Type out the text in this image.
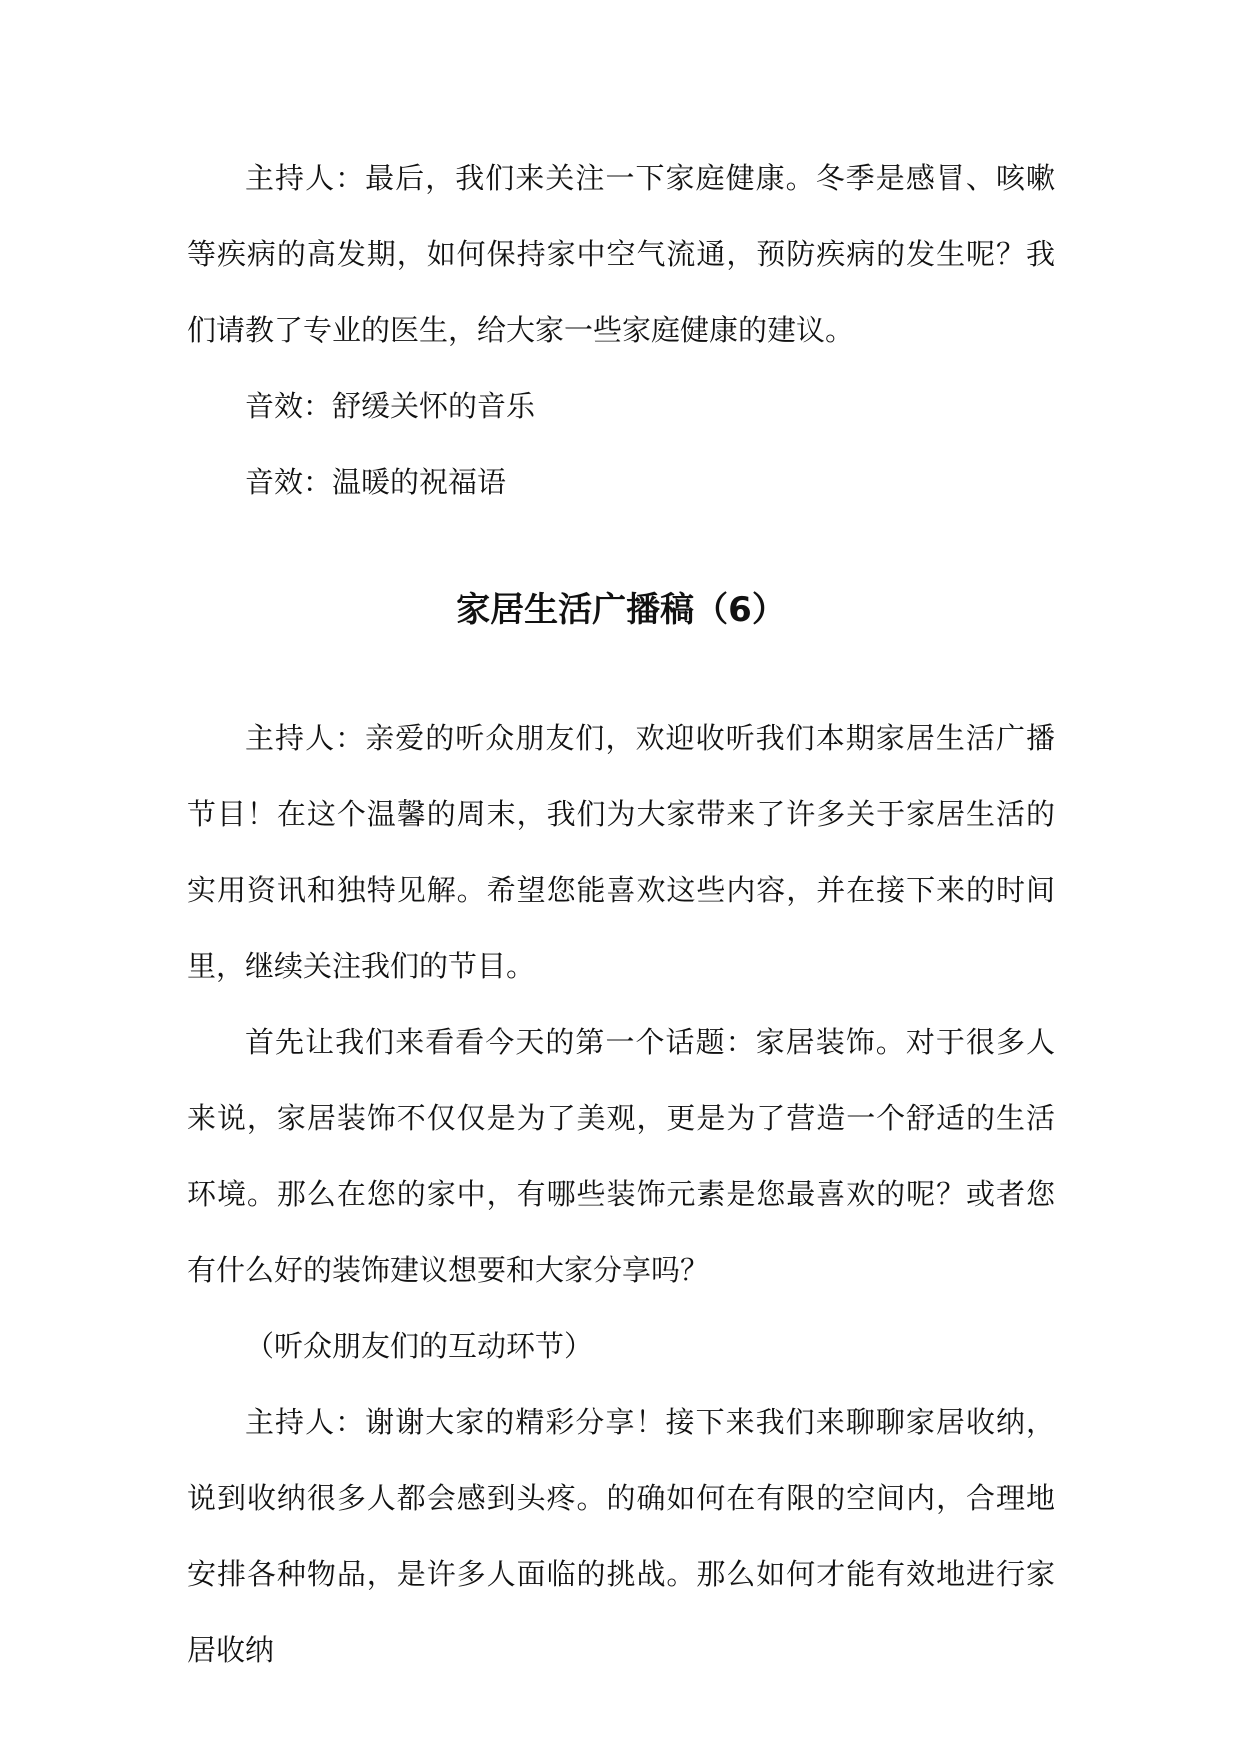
主持人：最后，我们来关注一下家庭健康。冬季是感冒、咳嗽等疾病的高发期，如何保持家中空气流通，预防疾病的发生呢？我们请教了专业的医生，给大家一些家庭健康的建议。

音效：舒缓关怀的音乐

音效：温暖的祝福语

家居生活广播稿（6）

主持人：亲爱的听众朋友们，欢迎收听我们本期家居生活广播节目！在这个温馨的周末，我们为大家带来了许多关于家居生活的实用资讯和独特见解。希望您能喜欢这些内容，并在接下来的时间里，继续关注我们的节目。

首先让我们来看看今天的第一个话题：家居装饰。对于很多人来说，家居装饰不仅仅是为了美观，更是为了营造一个舒适的生活环境。那么在您的家中，有哪些装饰元素是您最喜欢的呢？或者您有什么好的装饰建议想要和大家分享吗？

（听众朋友们的互动环节）

主持人：谢谢大家的精彩分享！接下来我们来聊聊家居收纳，说到收纳很多人都会感到头疼。的确如何在有限的空间内，合理地安排各种物品，是许多人面临的挑战。那么如何才能有效地进行家居收纳
